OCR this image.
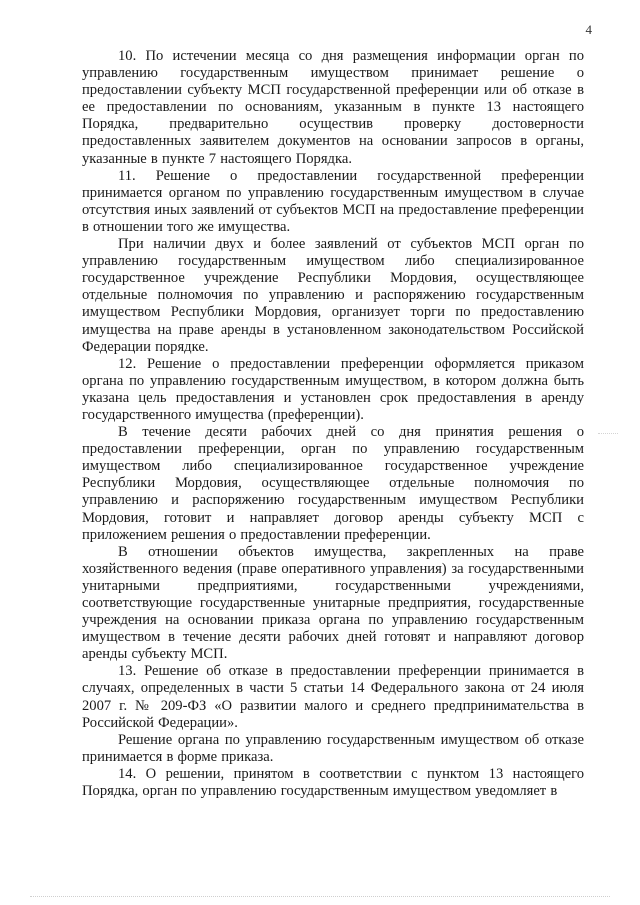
4

10. По истечении месяца со дня размещения информации орган по управлению государственным имуществом принимает решение о предоставлении субъекту МСП государственной преференции или об отказе в ее предоставлении по основаниям, указанным в пункте 13 настоящего Порядка, предварительно осуществив проверку достоверности предоставленных заявителем документов на основании запросов в органы, указанные в пункте 7 настоящего Порядка.

11. Решение о предоставлении государственной преференции принимается органом по управлению государственным имуществом в случае отсутствия иных заявлений от субъектов МСП на предоставление преференции в отношении того же имущества.

При наличии двух и более заявлений от субъектов МСП орган по управлению государственным имуществом либо специализированное государственное учреждение Республики Мордовия, осуществляющее отдельные полномочия по управлению и распоряжению государственным имуществом Республики Мордовия, организует торги по предоставлению имущества на праве аренды в установленном законодательством Российской Федерации порядке.

12. Решение о предоставлении преференции оформляется приказом органа по управлению государственным имуществом, в котором должна быть указана цель предоставления и установлен срок предоставления в аренду государственного имущества (преференции).

В течение десяти рабочих дней со дня принятия решения о предоставлении преференции, орган по управлению государственным имуществом либо специализированное государственное учреждение Республики Мордовия, осуществляющее отдельные полномочия по управлению и распоряжению государственным имуществом Республики Мордовия, готовит и направляет договор аренды субъекту МСП с приложением решения о предоставлении преференции.

В отношении объектов имущества, закрепленных на праве хозяйственного ведения (праве оперативного управления) за государственными унитарными предприятиями, государственными учреждениями, соответствующие государственные унитарные предприятия, государственные учреждения на основании приказа органа по управлению государственным имуществом в течение десяти рабочих дней готовят и направляют договор аренды субъекту МСП.

13. Решение об отказе в предоставлении преференции принимается в случаях, определенных в части 5 статьи 14 Федерального закона от 24 июля 2007 г. № 209-ФЗ «О развитии малого и среднего предпринимательства в Российской Федерации».

Решение органа по управлению государственным имуществом об отказе принимается в форме приказа.

14. О решении, принятом в соответствии с пунктом 13 настоящего Порядка, орган по управлению государственным имуществом уведомляет в
